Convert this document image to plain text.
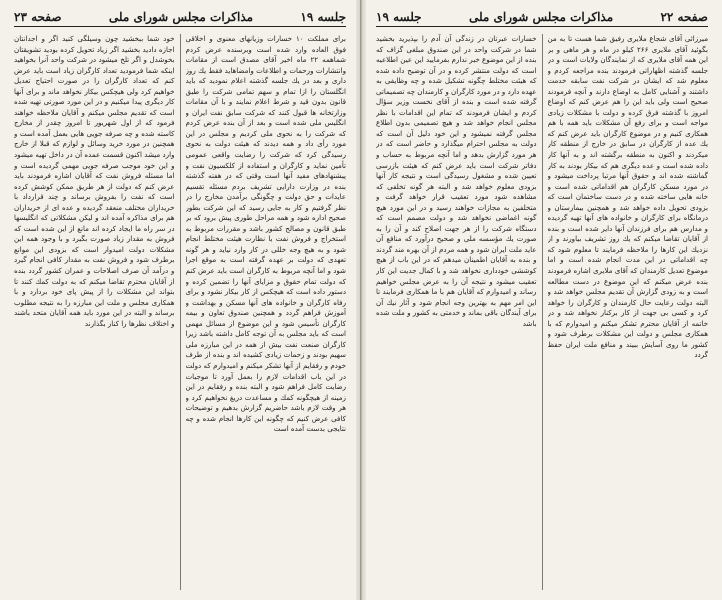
جلسه ۱۹
مذاکرات مجلس شورای ملی
صفحه ۲۳
براى مملكت ١٠ خسارات وزيانهاى معنوى و اخلاقى فوق العاده وارد شده است وبرسنده عرض كردم شماهمه ۲۲ ماه اخير آقاى مصدق است از مقامات وانتشارات ورحمات و اطلاعات وامضاهايد فقط يك روز دارى و بعد در يك جلسه گذشته اعلام نموديد كه بايد انگلستان را ازا تمام و سهم تمامى شركت را طبق قانون بدون قيد و شرط اعلام نمايند و با آن مقامات وزارتخانه ها قبول كنند كه شركت سابق نفت ايران و انگليس ملى شده است و بعد از آن بنده عرض كردم كه شركت را به نحوى ملى كرديم و مجلس در اين مورد رأى داد و همه ديدند كه هيئت دولت به نحوى رسيدگى كرد كه شركت را رضايت واقعى عمومى تأمين نمايد و كارگران و استفاده از كلكسيون نفت و پيشنهادهاى مفيد آنها است وقتى كه در هفته گذشته بنده در وزارت دارايى تشريف بردم مسئله تقسيم عايدات و حق دولت و چگونگى برآمدن مخارج را در نظر گرفتيم و كار به جايى رسيد كه اين شركت بطور صحيح اداره شود و همه مراحل طورى پيش برود كه بر طبق قانون و مصالح كشور باشد و مقررات مربوط به استخراج و فروش نفت با نظارت هيئت مختلط انجام شود و به هيچ وجه خللى در كار وارد نيايد و هر گونه تعهدى كه دولت بر عهده گرفته است به موقع اجرا شود و اما آنچه مربوط به كارگران است بايد عرض كنم كه دولت تمام حقوق و مزاياى آنها را تضمين كرده و دستور داده است كه هيچكس از كار بيكار نشود و براى رفاه كارگران و خانواده هاى آنها مسكن و بهداشت و آموزش فراهم گردد و همچنين صندوق تعاون و بيمه كارگران تأسيس شود و اين موضوع از مسائل مهمى است كه بايد مجلس به آن توجه كامل داشته باشد زيرا كارگران صنعت نفت بيش از همه در اين مبارزه ملى سهيم بودند و زحمات زيادى كشيده اند و بنده از طرف خودم و رفقايم از آنها تشكر ميكنم و اميدوارم كه دولت در اين باب اقدامات لازم را بعمل آورد تا موجبات رضايت كامل فراهم شود و البته بنده و رفقايم در اين زمينه از هيچگونه كمك و مساعدت دريغ نخواهيم كرد و هر وقت لازم باشد حاضريم گزارش بدهيم و توضيحات كافى عرض كنيم كه چگونه اين كارها انجام شده و چه نتايجى بدست آمده است
خود شما ببخشيد چون وسيلگى كنيد اگر و اجدانتان اجازه داديد بخشيد اگر زياد تحويل كرده بوديد تشويقتان بخوشدل و اگر تلخ ميشود در شركت واحد آنرا بخواهيد اينكه شما فرموديد تعداد كارگران زياد است بايد عرض كنم كه تعداد كارگران را در صورت احتياج تعديل خواهيم كرد ولى هيچكس بيكار نخواهد ماند و براى آنها كار ديگرى پيدا ميكنيم و در اين مورد صورتى تهيه شده است كه تقديم مجلس ميكنم و آقايان ملاحظه خواهند فرمود كه از اول شهريور تا امروز چقدر از مخارج كاسته شده و چه صرفه جويى هايى بعمل آمده است و همچنين در مورد خريد وسائل و لوازم كه قبلا از خارج وارد ميشد اكنون قسمت عمده آن در داخل تهيه ميشود و اين خود موجب صرفه جويى مهمى گرديده است و اما مسئله فروش نفت كه آقايان اشاره فرمودند بايد عرض كنم كه دولت از هر طريق ممكن كوشش كرده است كه نفت را بفروش برساند و چند قرارداد با خريداران مختلف منعقد گرديده و عده اى از خريداران هم براى مذاكره آمده اند و ليكن مشكلاتى كه انگليسها در سر راه ما ايجاد كرده اند مانع از اين شده است كه فروش به مقدار زياد صورت بگيرد و با وجود همه اين مشكلات دولت اميدوار است كه بزودى اين موانع برطرف شود و فروش نفت به مقدار كافى انجام گيرد و درآمد آن صرف اصلاحات و عمران كشور گردد بنده از آقايان محترم تقاضا ميكنم كه به دولت كمك كنند تا بتواند اين مشكلات را از پيش پاى خود بردارد و با همكارى مجلس و ملت اين مبارزه را به نتيجه مطلوب برساند و البته در اين مورد بايد همه آقايان متحد باشند و اختلاف نظرها را كنار بگذارند
صفحه ۲۲
مذاکرات مجلس شورای ملی
جلسه ۱۹
ميرزائى آقاى شجاع ملايرى رفيق شما هست تا به من بگوئيد آقاى ملايرى ۲۶۶ كيلو در ماه و هر ماهى و بر اين همه آقاى ملايرى كه از نمايندگان ولايات است و در جلسه گذشته اظهاراتى فرمودند بنده مراجعه كردم و معلوم شد كه ايشان در شركت نفت سابقه خدمت داشتند و آشنايى كامل به اوضاع دارند و آنچه فرمودند صحيح است ولى بايد اين را هم عرض كنم كه اوضاع امروز با گذشته فرق كرده و دولت با مشكلات زيادى مواجه است و براى رفع آن مشكلات بايد همه با هم همكارى كنيم و در موضوع كارگران بايد عرض كنم كه يك عده از كارگران در سابق در خارج از منطقه كار ميكردند و اكنون به منطقه برگشته اند و به آنها كار داده شده است و عده ديگرى هم كه بيكار بودند به كار گماشته شده اند و حقوق آنها مرتبا پرداخت ميشود و در مورد مسكن كارگران هم اقداماتى شده است و خانه هايى ساخته شده و در دست ساختمان است كه بزودى تحويل داده خواهد شد و همچنين بيمارستان و درمانگاه براى كارگران و خانواده هاى آنها تهيه گرديده و مدارس هم براى فرزندان آنها داير شده است و بنده از آقايان تقاضا ميكنم كه يك روز تشريف بياورند و از نزديك اين كارها را ملاحظه فرمايند تا معلوم شود كه چه اقداماتى در اين مدت انجام شده است و اما موضوع تعديل كارمندان كه آقاى ملايرى اشاره فرمودند بنده عرض ميكنم كه اين موضوع در دست مطالعه است و به زودى گزارش آن تقديم مجلس خواهد شد و البته دولت رعايت حال كارمندان و كارگران را خواهد كرد و كسى بى جهت از كار بركنار نخواهد شد و در خاتمه از آقايان محترم تشكر ميكنم و اميدوارم كه با همكارى مجلس و دولت اين مشكلات برطرف شود و كشور ما روى آسايش ببيند و منافع ملت ايران حفظ گردد
خسارات عبرتان در زندگى آن آدم را بپذيريد بخشيد شما در شركت واحد در اين صندوق مبلغى گزاف كه بنده از اين موضوع خبر ندارم بفرماييد اين عين اطلاعيه است كه دولت منتشر كرده و در آن توضيح داده شده كه هيئت مختلط چگونه تشكيل شده و چه وظايفى به عهده دارد و در مورد كارگران و كارمندان چه تصميماتى گرفته شده است و بنده از آقاى نخست وزير سؤال كردم و ايشان فرمودند كه تمام اين اقدامات با نظر مجلس انجام خواهد شد و هيچ تصميمى بدون اطلاع مجلس گرفته نميشود و اين خود دليل آن است كه دولت به مجلس احترام ميگذارد و حاضر است كه در هر مورد گزارش بدهد و اما آنچه مربوط به حساب و دفاتر شركت است بايد عرض كنم كه هيئت بازرسى تعيين شده و مشغول رسيدگى است و نتيجه كار آنها بزودى معلوم خواهد شد و البته هر گونه تخلفى كه مشاهده شود مورد تعقيب قرار خواهد گرفت و متخلفين به مجازات خواهند رسيد و در اين مورد هيچ گونه اغماضى نخواهد شد و دولت مصمم است كه دستگاه شركت را از هر جهت اصلاح كند و آن را به صورت يك مؤسسه ملى و صحيح درآورد كه منافع آن عايد ملت ايران شود و همه مردم از آن بهره مند گردند و بنده به آقايان اطمينان ميدهم كه در اين باب از هيچ كوششى خوددارى نخواهد شد و با كمال جديت اين كار تعقيب ميشود و نتيجه آن را به عرض مجلس خواهيم رساند و اميدوارم كه آقايان هم با ما همكارى فرمايند تا اين امر مهم به بهترين وجه انجام شود و آثار نيك آن براى آيندگان باقى بماند و خدمتى به كشور و ملت شده باشد
